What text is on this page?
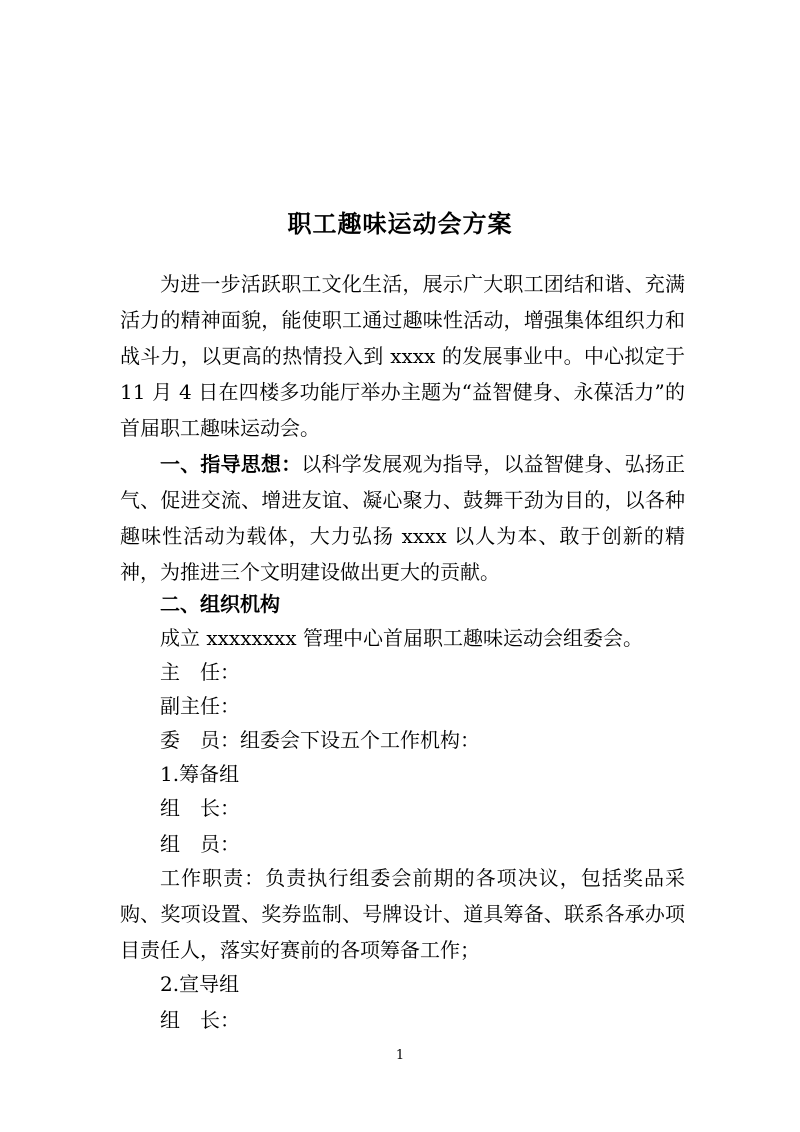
职工趣味运动会方案

为进一步活跃职工文化生活，展示广大职工团结和谐、充满活力的精神面貌，能使职工通过趣味性活动，增强集体组织力和战斗力，以更高的热情投入到 xxxx 的发展事业中。中心拟定于 11 月 4 日在四楼多功能厅举办主题为“益智健身、永葆活力”的首届职工趣味运动会。

一、指导思想：以科学发展观为指导，以益智健身、弘扬正气、促进交流、增进友谊、凝心聚力、鼓舞干劲为目的，以各种趣味性活动为载体，大力弘扬 xxxx 以人为本、敢于创新的精神，为推进三个文明建设做出更大的贡献。

二、组织机构
成立 xxxxxxxx 管理中心首届职工趣味运动会组委会。
主　任：
副主任：
委　员：组委会下设五个工作机构：
1.筹备组
组　长：
组　员：

工作职责：负责执行组委会前期的各项决议，包括奖品采购、奖项设置、奖券监制、号牌设计、道具筹备、联系各承办项目责任人，落实好赛前的各项筹备工作；

2.宣导组
组　长：
1
